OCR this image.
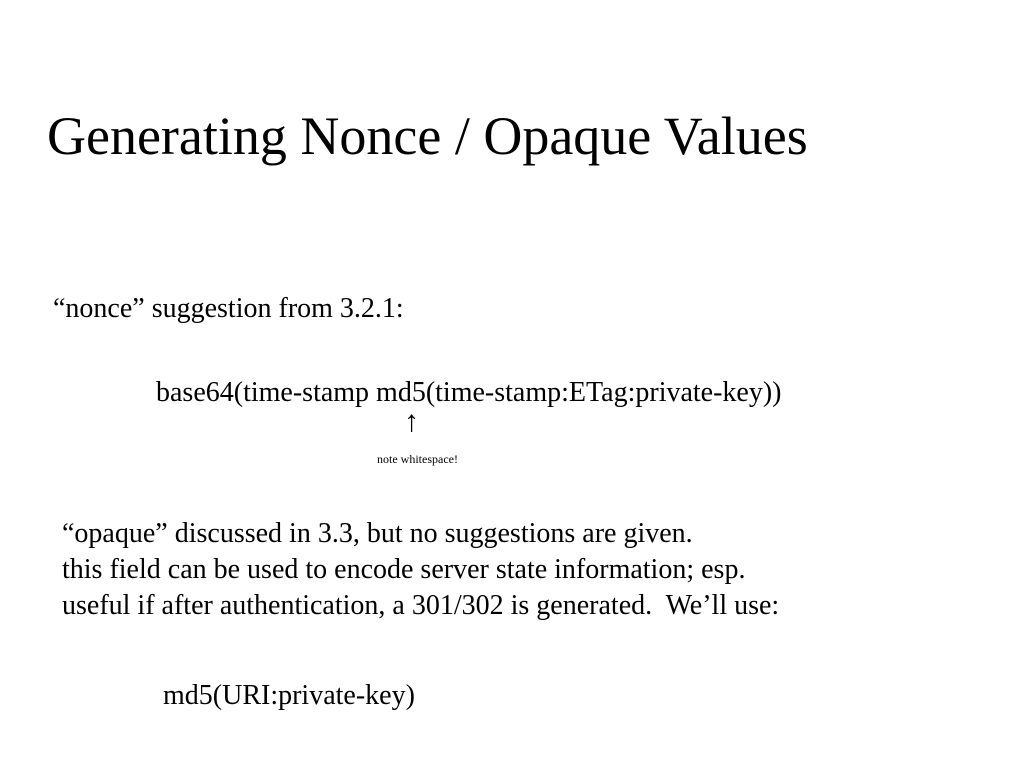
Generating Nonce / Opaque Values
“nonce” suggestion from 3.2.1:
base64(time-stamp md5(time-stamp:ETag:private-key))
↑
note whitespace!
“opaque” discussed in 3.3, but no suggestions are given.
this field can be used to encode server state information; esp.
useful if after authentication, a 301/302 is generated.  We’ll use:
md5(URI:private-key)
